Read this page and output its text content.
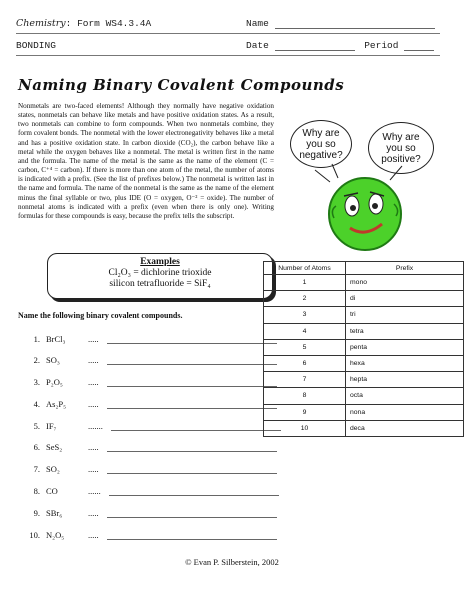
Chemistry: Form WS4.3.4A	Name
BONDING	Date	Period
Naming Binary Covalent Compounds
Nonmetals are two-faced elements! Although they normally have negative oxidation states, nonmetals can behave like metals and have positive oxidation states. As a result, two nonmetals can combine to form compounds. When two nonmetals combine, they form covalent bonds. The nonmetal with the lower electronegativity behaves like a metal and has a positive oxidation state. In carbon dioxide (CO₂), the carbon behave like a metal while the oxygen behaves like a nonmetal. The metal is written first in the name and the formula. The name of the metal is the same as the name of the element (C = carbon, C⁺⁴ = carbon). If there is more than one atom of the metal, the number of atoms is indicated with a prefix. (See the list of prefixes below.) The nonmetal is written last in the name and formula. The name of the nonmetal is the same as the name of the element minus the final syllable or two, plus IDE (O = oxygen, O⁻² = oxide). The number of nonmetal atoms is indicated with a prefix (even when there is only one). Writing formulas for these compounds is easy, because the prefix tells the subscript.
Why are you so negative?
Why are you so positive?
Examples
Cl₂O₃ = dichlorine trioxide
silicon tetrafluoride = SiF₄
Name the following binary covalent compounds.
1. BrCl₃	.....
2. SO₃	.....
3. P₂O₅	.....
4. As₂P₅	.....
5. IF₇	.......
6. SeS₂	.....
7. SO₂	.....
8. CO	......
9. SBr₆	.....
10. N₂O₅	.....
Number of Atoms	Prefix
1	mono
2	di
3	tri
4	tetra
5	penta
6	hexa
7	hepta
8	octa
9	nona
10	deca
© Evan P. Silberstein, 2002
